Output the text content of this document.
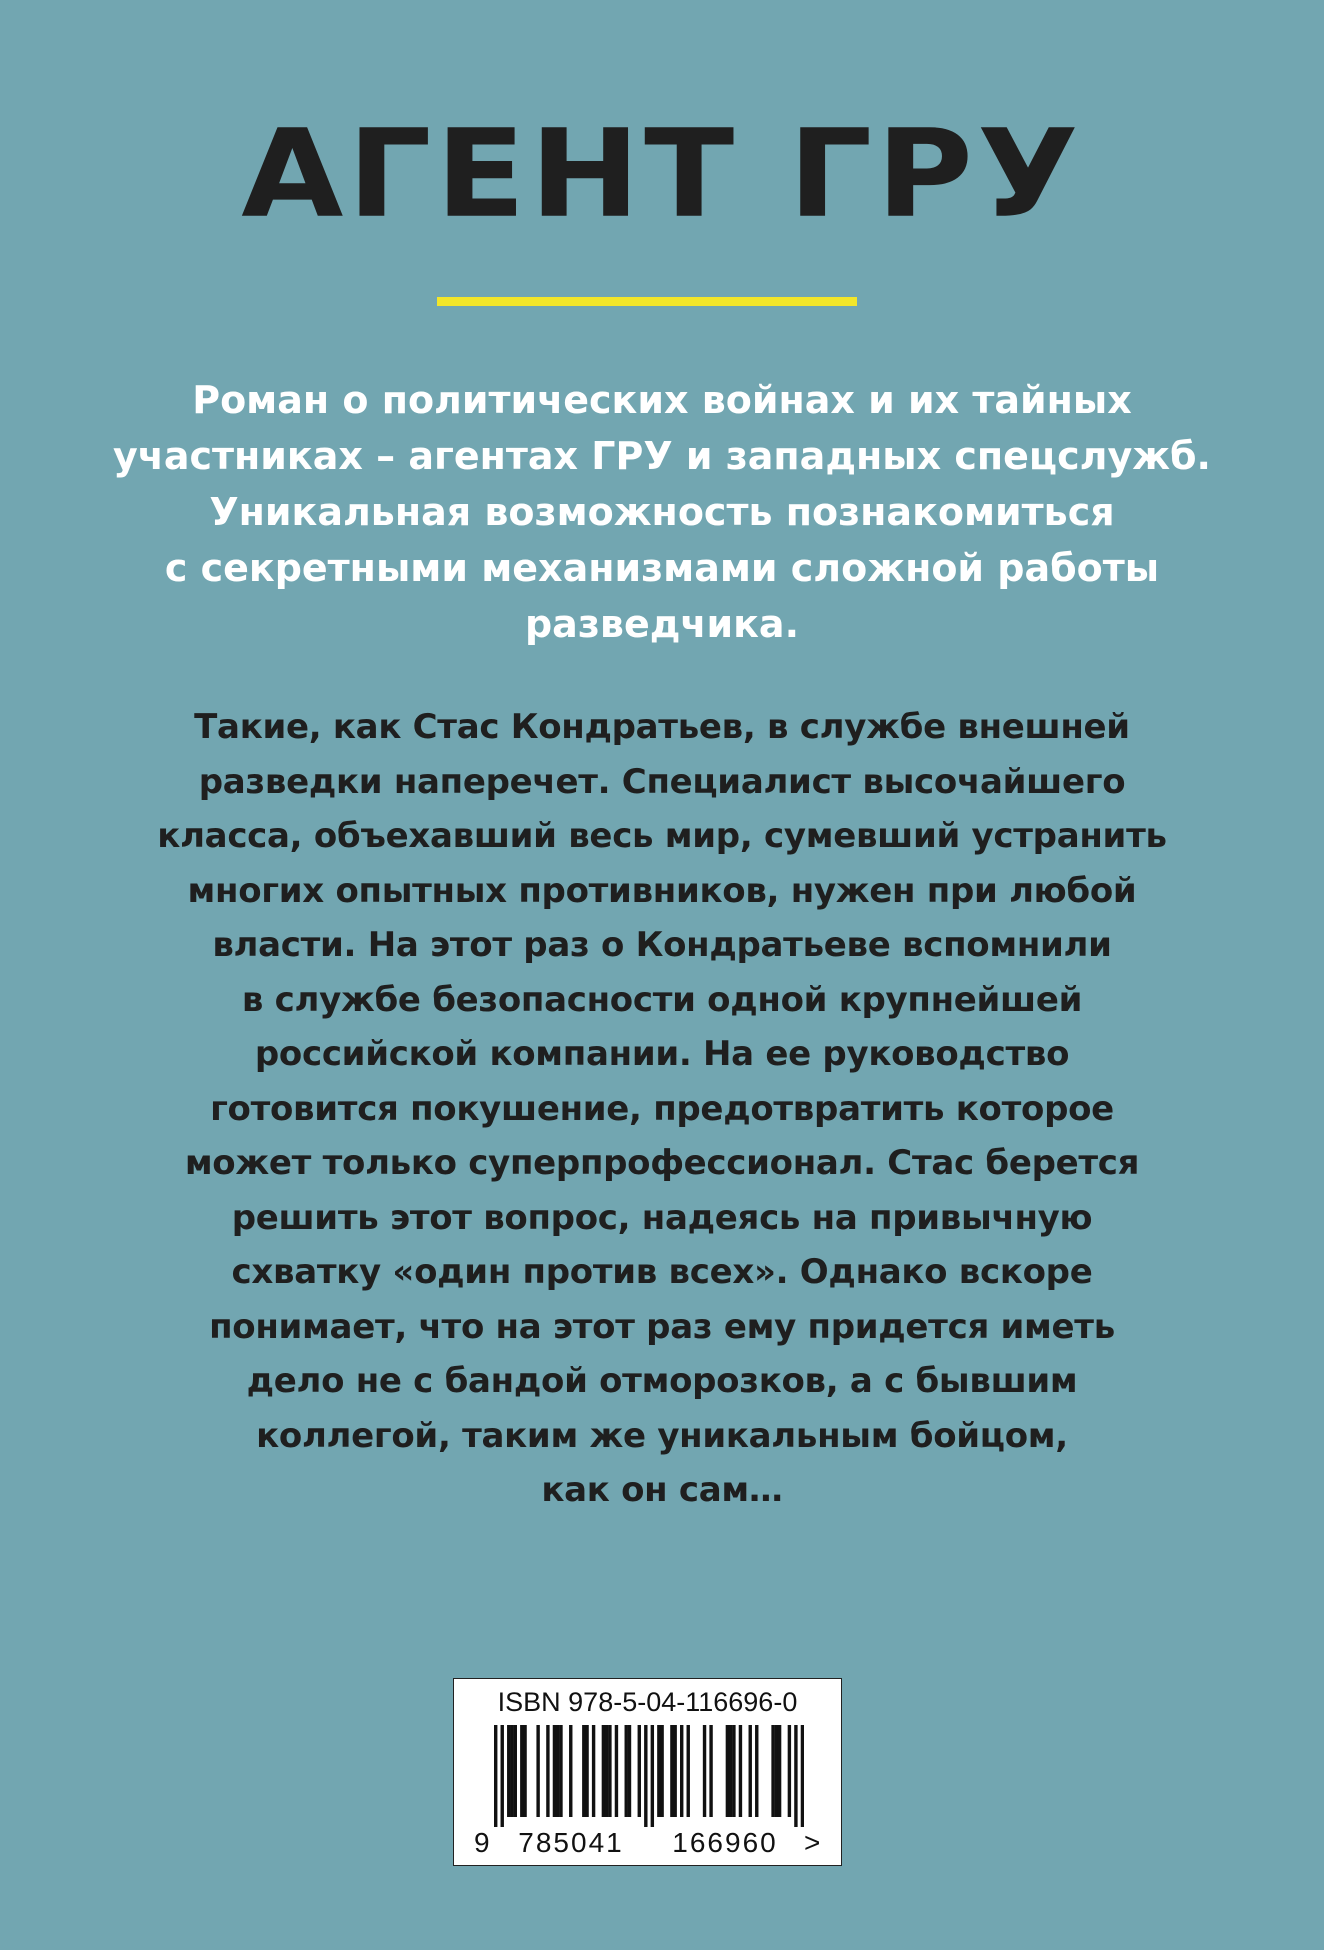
АГЕНТ ГРУ
Роман о политических войнах и их тайных
участниках – агентах ГРУ и западных спецслужб.
Уникальная возможность познакомиться
с секретными механизмами сложной работы
разведчика.
Такие, как Стас Кондратьев, в службе внешней
разведки наперечет. Специалист высочайшего
класса, объехавший весь мир, сумевший устранить
многих опытных противников, нужен при любой
власти. На этот раз о Кондратьеве вспомнили
в службе безопасности одной крупнейшей
российской компании. На ее руководство
готовится покушение, предотвратить которое
может только суперпрофессионал. Стас берется
решить этот вопрос, надеясь на привычную
схватку «один против всех». Однако вскоре
понимает, что на этот раз ему придется иметь
дело не с бандой отморозков, а с бывшим
коллегой, таким же уникальным бойцом,
как он сам…
ISBN 978-5-04-116696-0
9	785041	166960 >
